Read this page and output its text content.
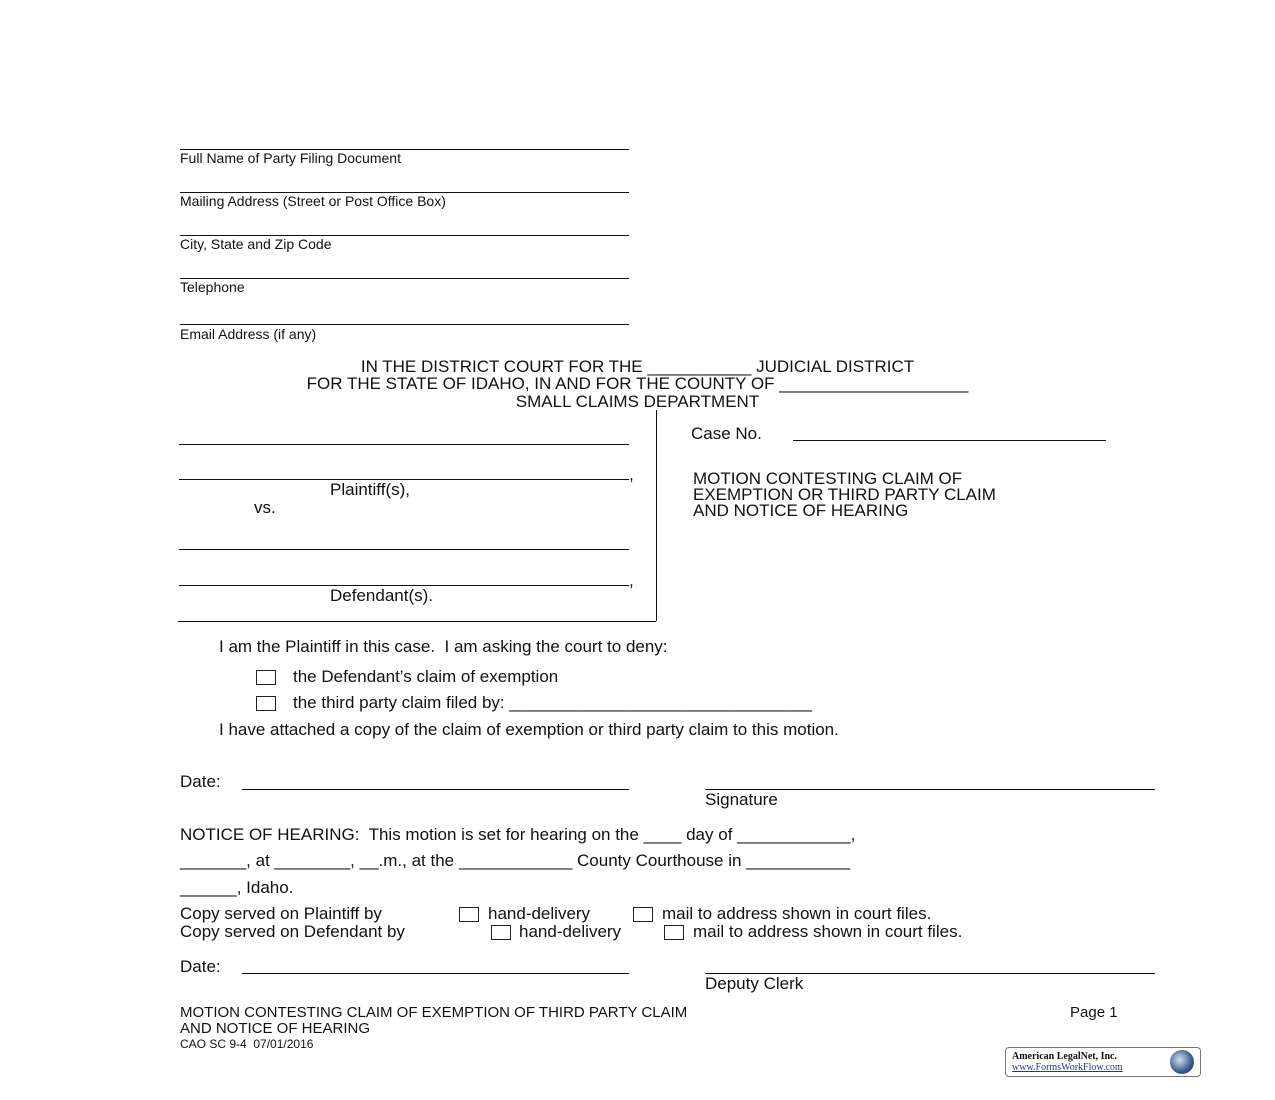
Full Name of Party Filing Document
Mailing Address (Street or Post Office Box)
City, State and Zip Code
Telephone
Email Address (if any)
IN THE DISTRICT COURT FOR THE ___________ JUDICIAL DISTRICT
FOR THE STATE OF IDAHO, IN AND FOR THE COUNTY OF ____________________
SMALL CLAIMS DEPARTMENT
,
Plaintiff(s),
vs.
,
Defendant(s).
Case No.
MOTION CONTESTING CLAIM OF
EXEMPTION OR THIRD PARTY CLAIM
AND NOTICE OF HEARING
I am the Plaintiff in this case.  I am asking the court to deny:
the Defendant’s claim of exemption
the third party claim filed by: ________________________________
I have attached a copy of the claim of exemption or third party claim to this motion.
Date:
Signature
NOTICE OF HEARING:  This motion is set for hearing on the ____ day of ____________,
_______, at ________, __.m., at the ____________ County Courthouse in ___________
______, Idaho.
Copy served on Plaintiff by	hand-delivery	mail to address shown in court files.
Copy served on Defendant by	hand-delivery	mail to address shown in court files.
Date:
Deputy Clerk
MOTION CONTESTING CLAIM OF EXEMPTION OF THIRD PARTY CLAIM
AND NOTICE OF HEARING
Page 1
CAO SC 9-4  07/01/2016
American LegalNet, Inc.
www.FormsWorkFlow.com
